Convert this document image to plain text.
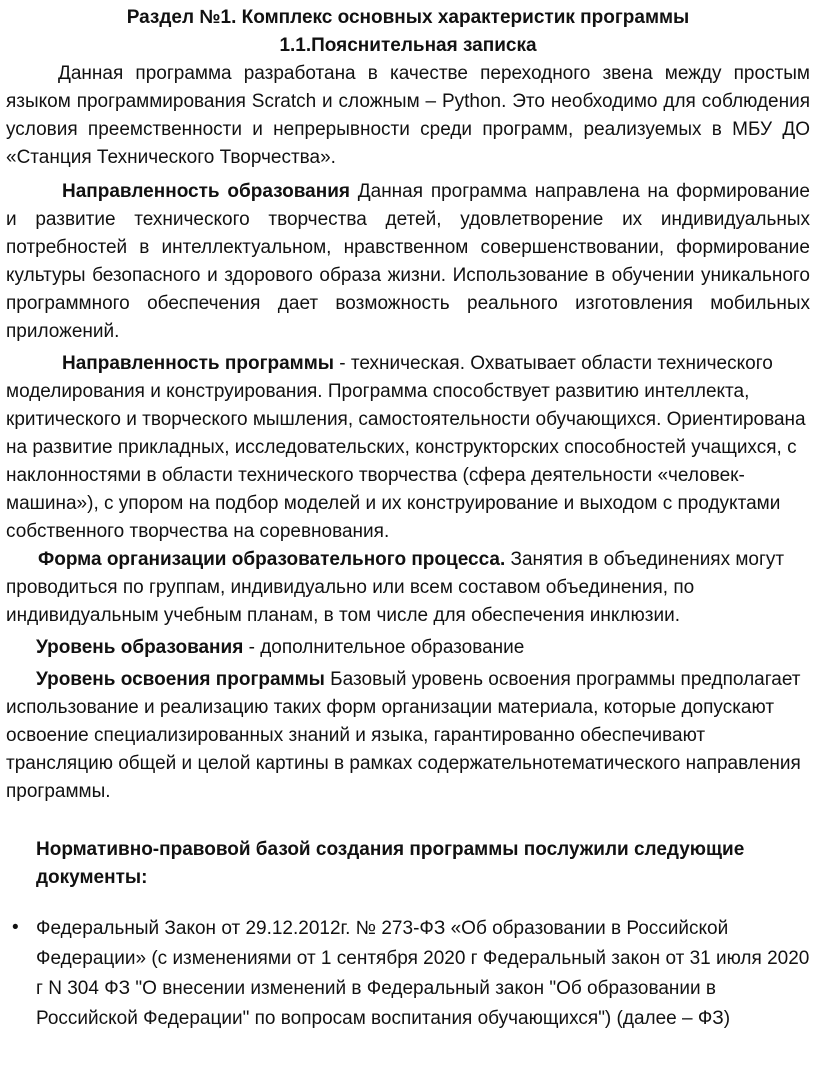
Раздел №1. Комплекс основных характеристик программы
1.1.Пояснительная записка

Данная программа разработана в качестве переходного звена между простым языком программирования Scratch и сложным – Python. Это необходимо для соблюдения условия преемственности и непрерывности среди программ, реализуемых в МБУ ДО «Станция Технического Творчества».

Направленность образования Данная программа направлена на формирование и развитие технического творчества детей, удовлетворение их индивидуальных потребностей в интеллектуальном, нравственном совершенствовании, формирование культуры безопасного и здорового образа жизни. Использование в обучении уникального программного обеспечения дает возможность реального изготовления мобильных приложений.

Направленность программы - техническая. Охватывает области технического моделирования и конструирования. Программа способствует развитию интеллекта, критического и творческого мышления, самостоятельности обучающихся. Ориентирована на развитие прикладных, исследовательских, конструкторских способностей учащихся, с наклонностями в области технического творчества (сфера деятельности «человек-машина»), с упором на подбор моделей и их конструирование и выходом с продуктами собственного творчества на соревнования.

Форма организации образовательного процесса. Занятия в объединениях могут проводиться по группам, индивидуально или всем составом объединения, по индивидуальным учебным планам, в том числе для обеспечения инклюзии.

Уровень образования - дополнительное образование

Уровень освоения программы Базовый уровень освоения программы предполагает использование и реализацию таких форм организации материала, которые допускают освоение специализированных знаний и языка, гарантированно обеспечивают трансляцию общей и целой картины в рамках содержательнотематического направления программы.

Нормативно-правовой базой создания программы послужили следующие документы:

• Федеральный Закон от 29.12.2012г. № 273-ФЗ «Об образовании в Российской Федерации» (с изменениями от 1 сентября 2020 г Федеральный закон от 31 июля 2020 г N 304 ФЗ "О внесении изменений в Федеральный закон "Об образовании в Российской Федерации" по вопросам воспитания обучающихся") (далее – ФЗ)
